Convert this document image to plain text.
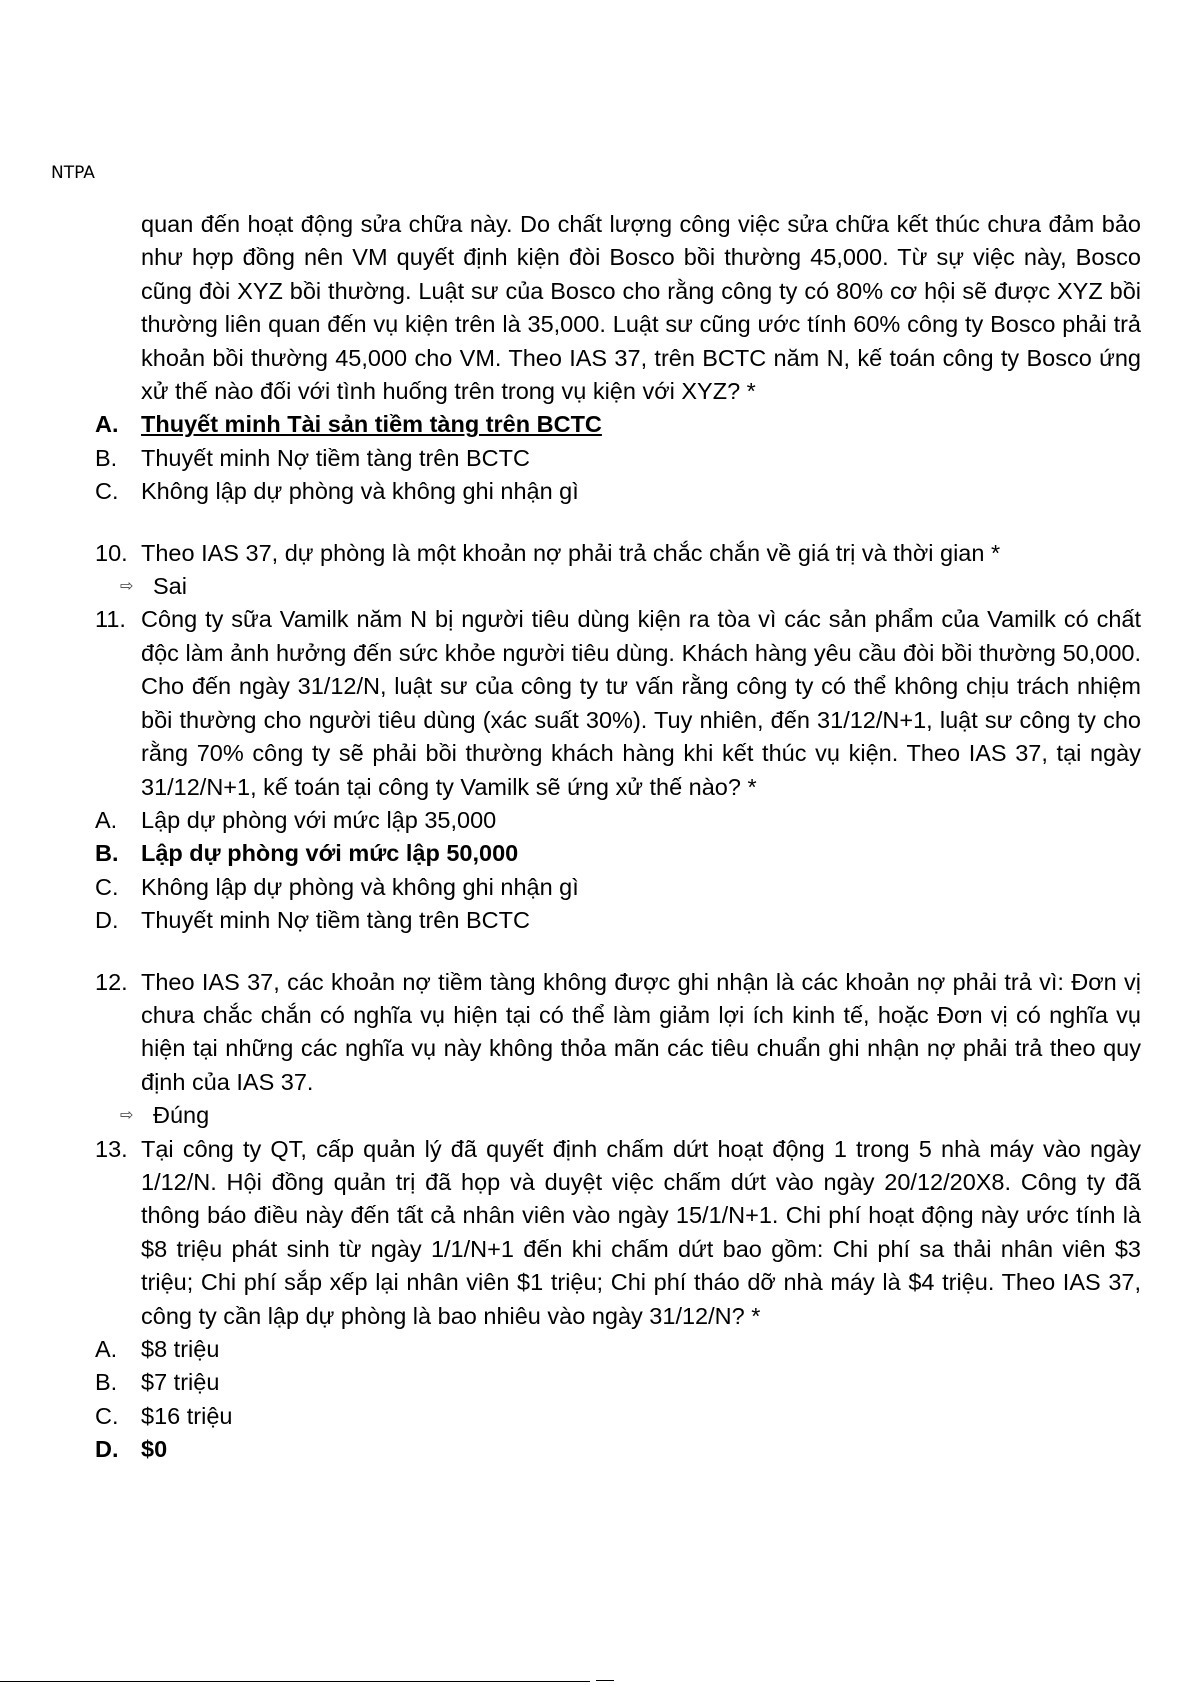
NTPA
quan đến hoạt động sửa chữa này. Do chất lượng công việc sửa chữa kết thúc chưa đảm bảo như hợp đồng nên VM quyết định kiện đòi Bosco bồi thường 45,000. Từ sự việc này, Bosco cũng đòi XYZ bồi thường. Luật sư của Bosco cho rằng công ty có 80% cơ hội sẽ được XYZ bồi thường liên quan đến vụ kiện trên là 35,000. Luật sư cũng ước tính 60% công ty Bosco phải trả khoản bồi thường 45,000 cho VM. Theo IAS 37, trên BCTC năm N, kế toán công ty Bosco ứng xử thế nào đối với tình huống trên trong vụ kiện với XYZ? *
A. Thuyết minh Tài sản tiềm tàng trên BCTC
B.	Thuyết minh Nợ tiềm tàng trên BCTC
C. Không lập dự phòng và không ghi nhận gì
10. Theo IAS 37, dự phòng là một khoản nợ phải trả chắc chắn về giá trị và thời gian *
⇨ Sai
11. Công ty sữa Vamilk năm N bị người tiêu dùng kiện ra tòa vì các sản phẩm của Vamilk có chất độc làm ảnh hưởng đến sức khỏe người tiêu dùng. Khách hàng yêu cầu đòi bồi thường 50,000. Cho đến ngày 31/12/N, luật sư của công ty tư vấn rằng công ty có thể không chịu trách nhiệm bồi thường cho người tiêu dùng (xác suất 30%). Tuy nhiên, đến 31/12/N+1, luật sư công ty cho rằng 70% công ty sẽ phải bồi thường khách hàng khi kết thúc vụ kiện. Theo IAS 37, tại ngày 31/12/N+1, kế toán tại công ty Vamilk sẽ ứng xử thế nào? *
A.	Lập dự phòng với mức lập 35,000
B. Lập dự phòng với mức lập 50,000
C. Không lập dự phòng và không ghi nhận gì
D. Thuyết minh Nợ tiềm tàng trên BCTC
12. Theo IAS 37, các khoản nợ tiềm tàng không được ghi nhận là các khoản nợ phải trả vì: Đơn vị chưa chắc chắn có nghĩa vụ hiện tại có thể làm giảm lợi ích kinh tế, hoặc Đơn vị có nghĩa vụ hiện tại những các nghĩa vụ này không thỏa mãn các tiêu chuẩn ghi nhận nợ phải trả theo quy định của IAS 37.
⇨ Đúng
13. Tại công ty QT, cấp quản lý đã quyết định chấm dứt hoạt động 1 trong 5 nhà máy vào ngày 1/12/N. Hội đồng quản trị đã họp và duyệt việc chấm dứt vào ngày 20/12/20X8. Công ty đã thông báo điều này đến tất cả nhân viên vào ngày 15/1/N+1. Chi phí hoạt động này ước tính là $8 triệu phát sinh từ ngày 1/1/N+1 đến khi chấm dứt bao gồm: Chi phí sa thải nhân viên $3 triệu; Chi phí sắp xếp lại nhân viên $1 triệu; Chi phí tháo dỡ nhà máy là $4 triệu. Theo IAS 37, công ty cần lập dự phòng là bao nhiêu vào ngày 31/12/N? *
A.	$8 triệu
B.	$7 triệu
C. $16 triệu
D. $0
